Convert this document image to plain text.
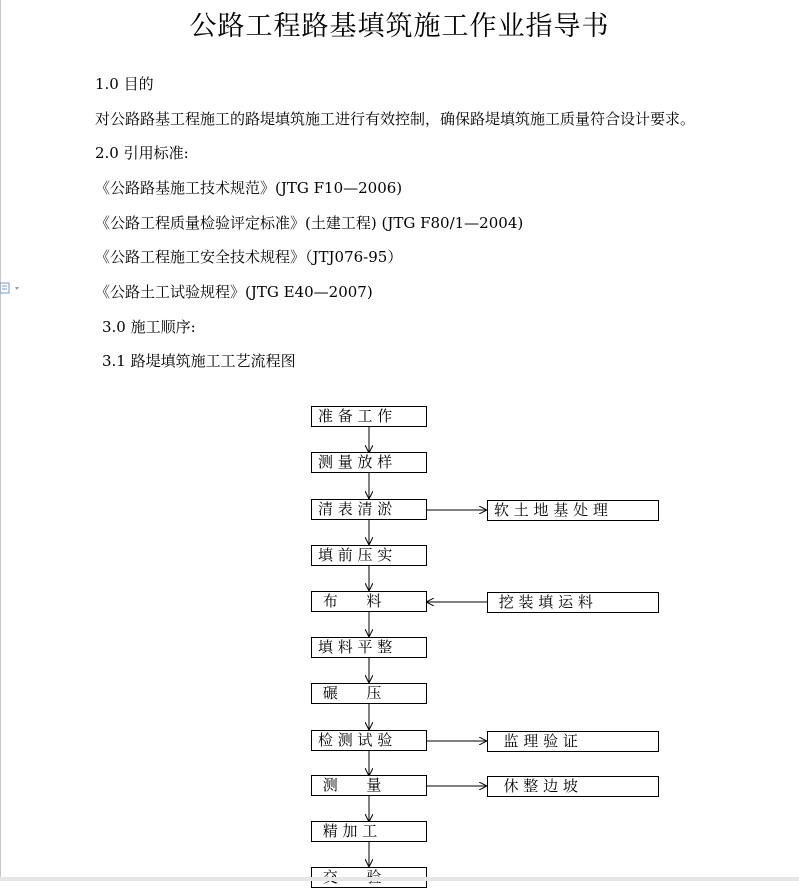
公路工程路基填筑施工作业指导书
1.0 目的
对公路路基工程施工的路堤填筑施工进行有效控制，确保路堤填筑施工质量符合设计要求。
2.0 引用标准:
《公路路基施工技术规范》(JTG F10—2006)
《公路工程质量检验评定标准》(土建工程) (JTG F80/1—2004)
《公路工程施工安全技术规程》（JTJ076-95）
《公路土工试验规程》(JTG E40—2007)
3.0 施工顺序:
3.1 路堤填筑施工工艺流程图
准 备 工 作
测 量 放 样
清 表 清 淤
填 前 压 实
布      料
填 料 平 整
碾      压
检 测 试 验
测      量
精 加 工
软 土 地 基 处 理
挖 装 填 运 料
监 理 验 证
休 整 边 坡
